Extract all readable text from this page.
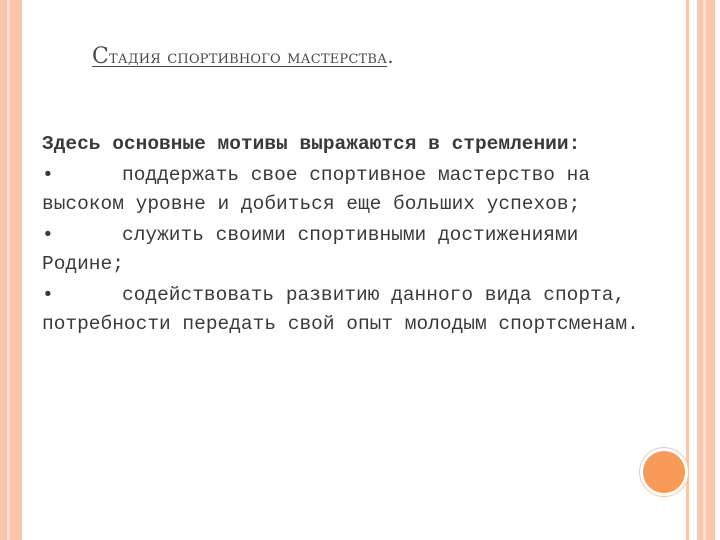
Стадия спортивного мастерства.
Здесь основные мотивы выражаются в стремлении:
•	поддержать свое спортивное мастерство на высоком уровне и добиться еще больших успехов;
•	служить своими спортивными достижениями Родине;
•	содействовать развитию данного вида спорта, потребности передать свой опыт молодым спортсменам.
